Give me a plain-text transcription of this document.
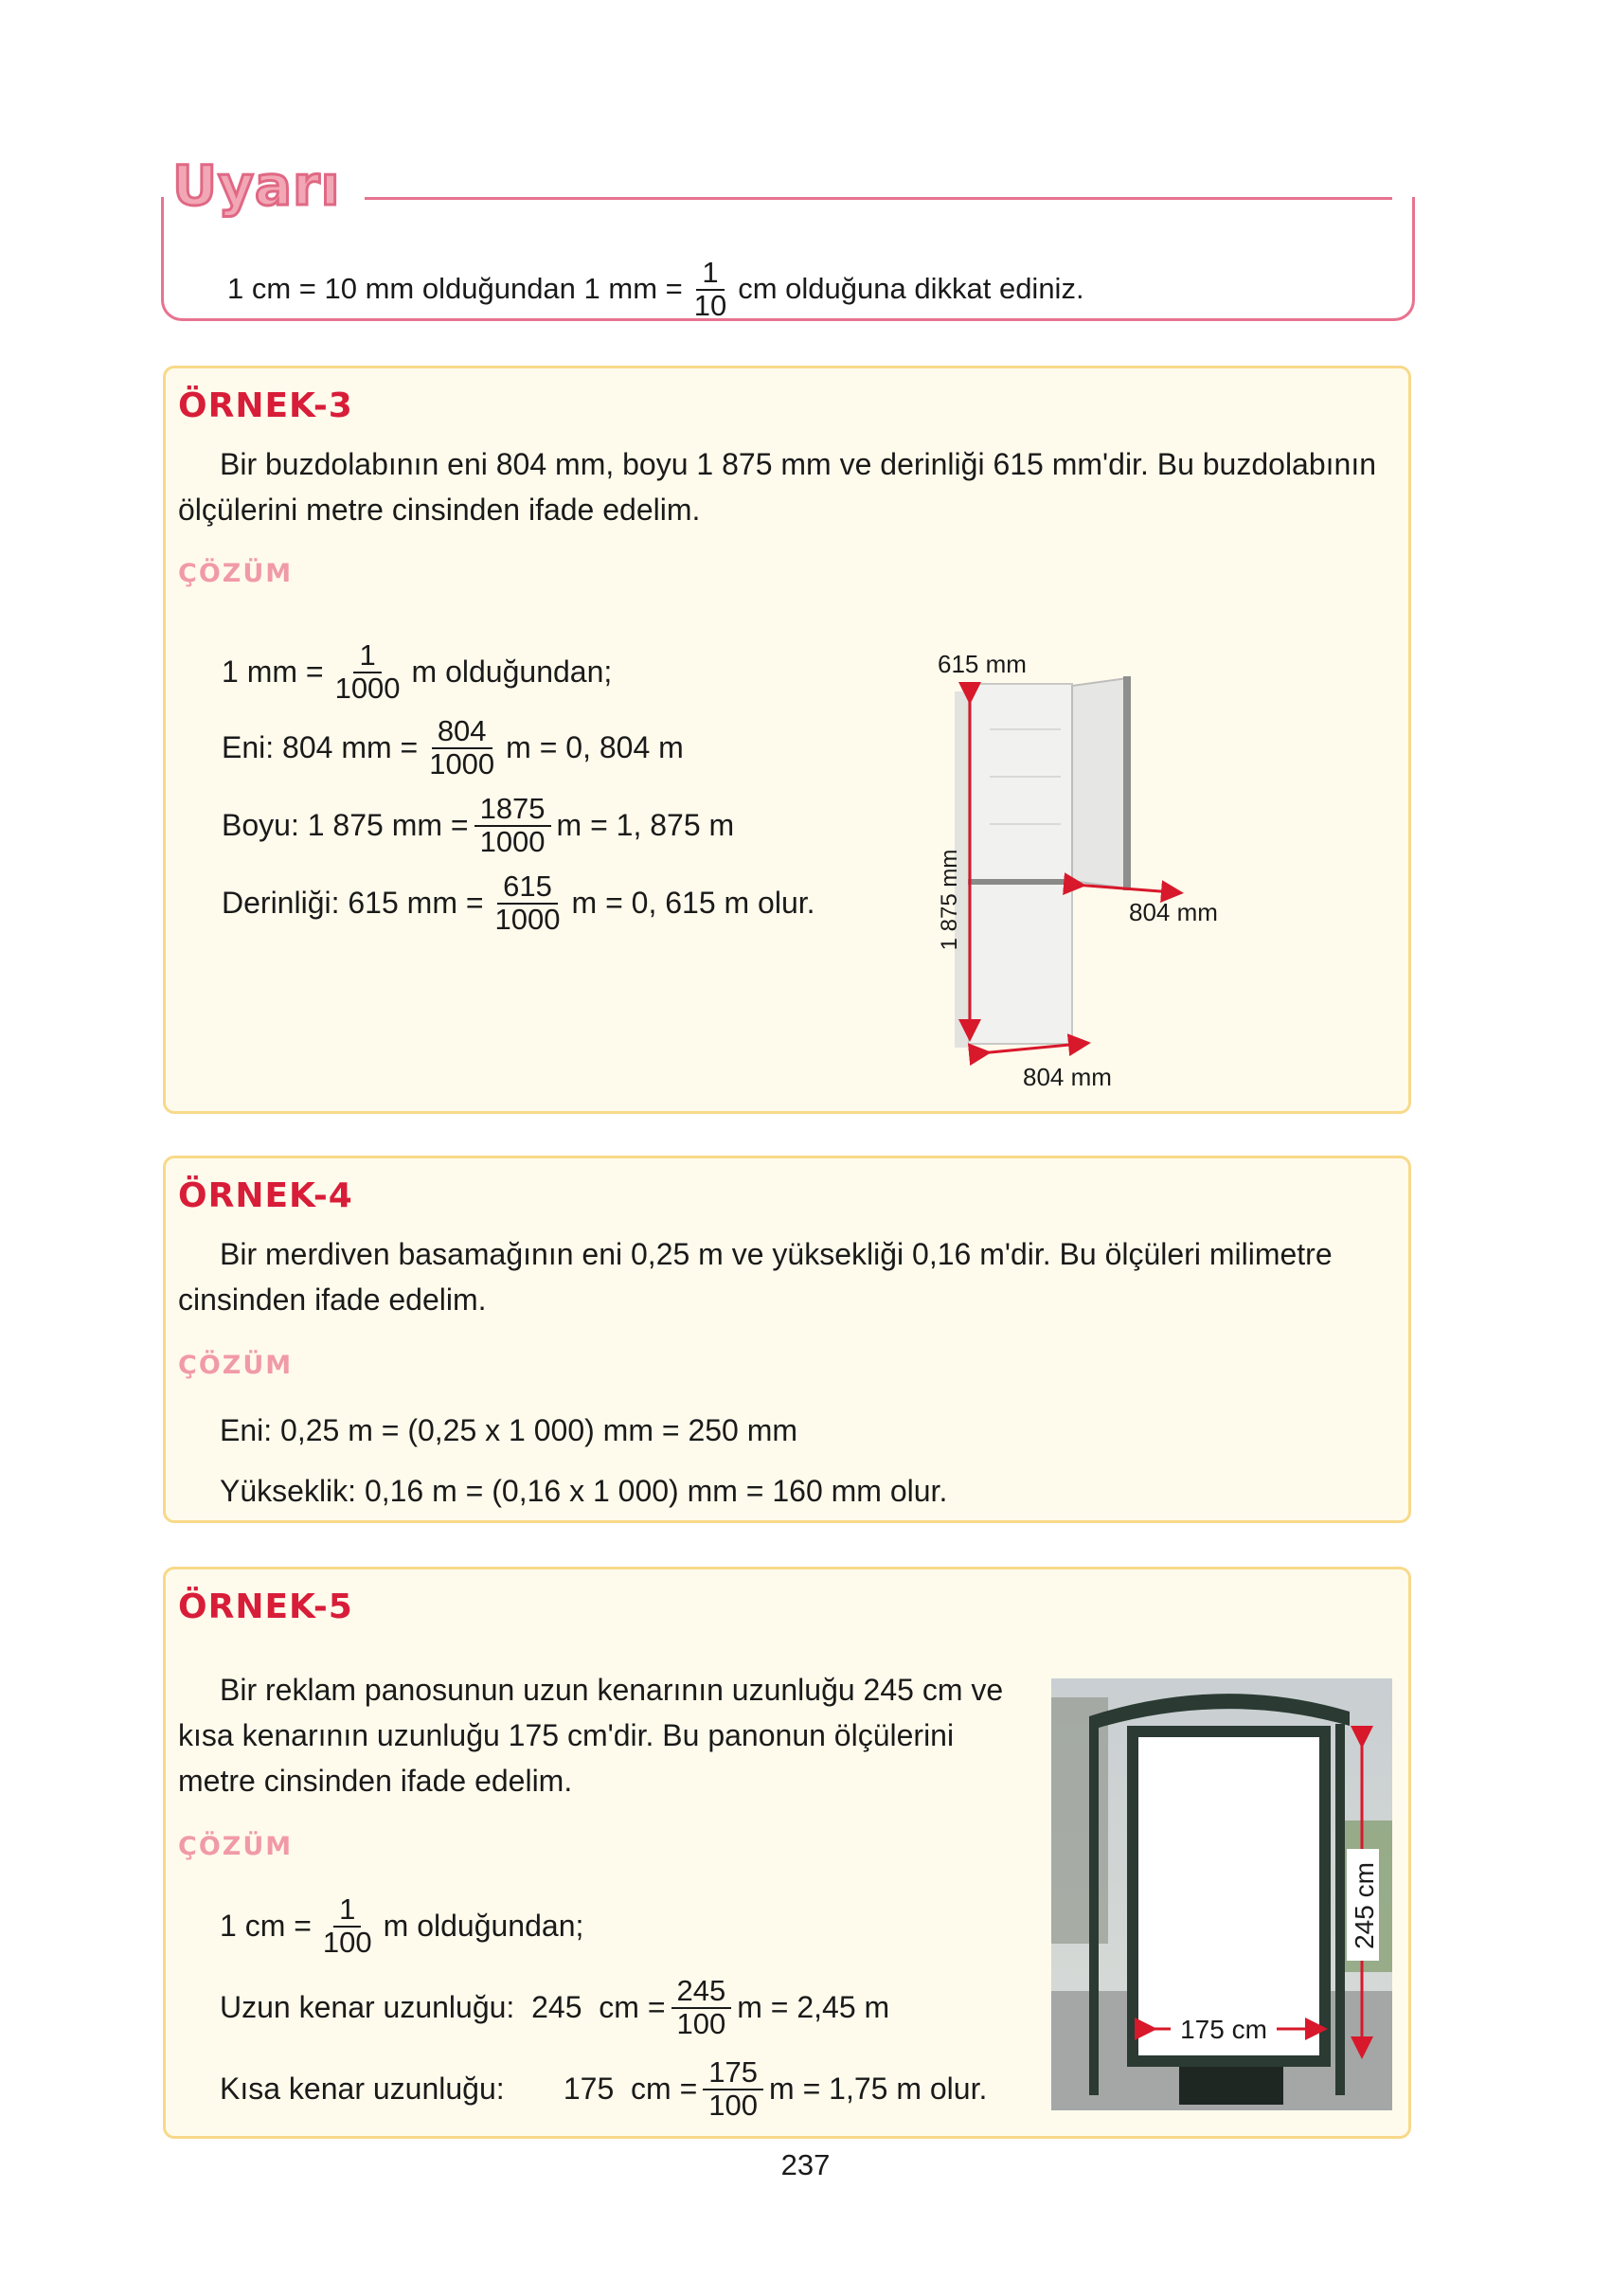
Uyarı
1 cm = 10 mm olduğundan 1 mm = $\frac{1}{10}$ cm olduğuna dikkat ediniz.
ÖRNEK-3
Bir buzdolabının eni 804 mm, boyu 1 875 mm ve derinliği 615 mm'dir. Bu buzdolabının ölçülerini metre cinsinden ifade edelim.
ÇÖZÜM
1 mm = $\frac{1}{1000}$ m olduğundan;
Eni: 804 mm = $\frac{804}{1000}$ m = 0, 804 m
Boyu: 1 875 mm = $\frac{1875}{1000}$ m = 1, 875 m
Derinliği: 615 mm = $\frac{615}{1000}$ m = 0, 615 m olur.
615 mm
1 875 mm	804 mm
804 mm
ÖRNEK-4
Bir merdiven basamağının eni 0,25 m ve yüksekliği 0,16 m'dir. Bu ölçüleri milimetre cinsinden ifade edelim.
ÇÖZÜM
Eni: 0,25 m = (0,25 x 1 000) mm = 250 mm
Yükseklik: 0,16 m = (0,16 x 1 000) mm = 160 mm olur.
ÖRNEK-5
Bir reklam panosunun uzun kenarının uzunluğu 245 cm ve kısa kenarının uzunluğu 175 cm'dir. Bu panonun ölçülerini metre cinsinden ifade edelim.
ÇÖZÜM
1 cm = $\frac{1}{100}$ m olduğundan;
Uzun kenar uzunluğu:  245  cm = $\frac{245}{100}$ m = 2,45 m
Kısa kenar uzunluğu:       175  cm = $\frac{175}{100}$ m = 1,75 m olur.
175 cm
245 cm
237
